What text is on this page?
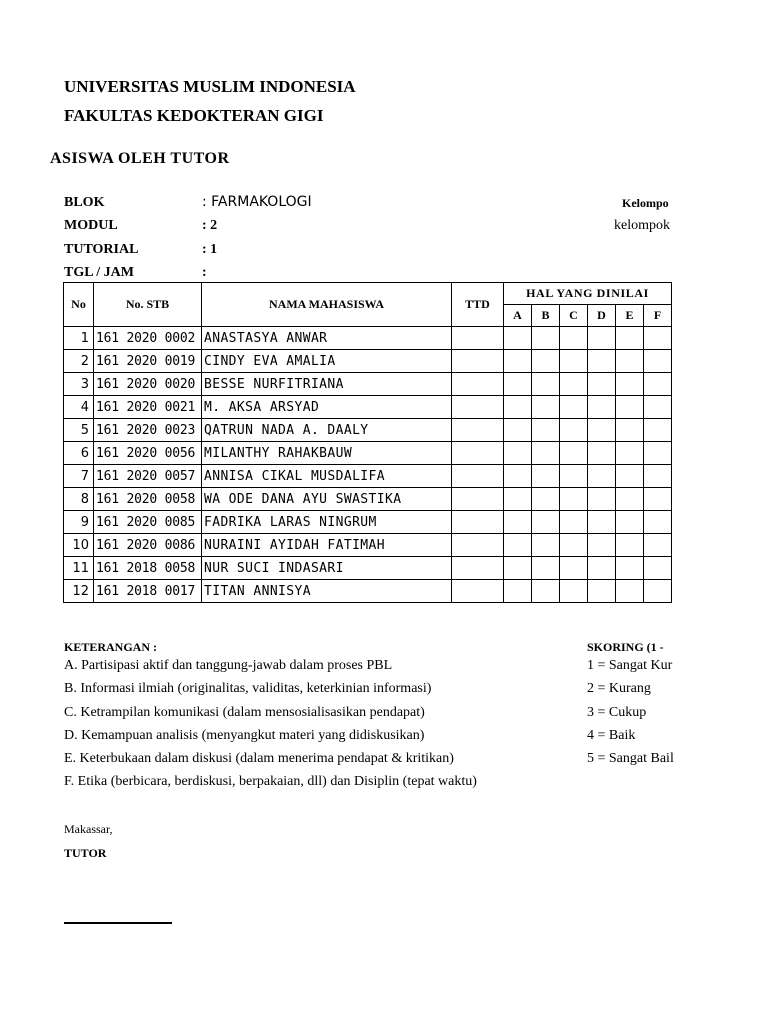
UNIVERSITAS MUSLIM INDONESIA
FAKULTAS KEDOKTERAN GIGI
ASISWA OLEH TUTOR
BLOK	: FARMAKOLOGI
MODUL	: 2
TUTORIAL	: 1
TGL / JAM	:
Kelompo
kelompok
No	No. STB	NAMA MAHASISWA	TTD	HAL YANG DINILAI					
				A	B	C	D	E	F
1	161 2020 0002	ANASTASYA ANWAR							
2	161 2020 0019	CINDY EVA AMALIA							
3	161 2020 0020	BESSE NURFITRIANA							
4	161 2020 0021	M. AKSA ARSYAD							
5	161 2020 0023	QATRUN NADA A. DAALY							
6	161 2020 0056	MILANTHY RAHAKBAUW							
7	161 2020 0057	ANNISA CIKAL MUSDALIFA							
8	161 2020 0058	WA ODE DANA AYU SWASTIKA							
9	161 2020 0085	FADRIKA LARAS NINGRUM							
10	161 2020 0086	NURAINI AYIDAH FATIMAH							
11	161 2018 0058	NUR SUCI INDASARI							
12	161 2018 0017	TITAN ANNISYA							
KETERANGAN :
A. Partisipasi aktif dan tanggung-jawab dalam proses PBL
B. Informasi ilmiah (originalitas, validitas, keterkinian informasi)
C. Ketrampilan komunikasi (dalam mensosialisasikan pendapat)
D. Kemampuan analisis (menyangkut materi yang didiskusikan)
E. Keterbukaan dalam diskusi (dalam menerima pendapat & kritikan)
F. Etika (berbicara, berdiskusi, berpakaian, dll) dan Disiplin (tepat waktu)
SKORING (1 -
1 = Sangat Kur
2 = Kurang
3 = Cukup
4 = Baik
5 = Sangat Bail
Makassar,
TUTOR
